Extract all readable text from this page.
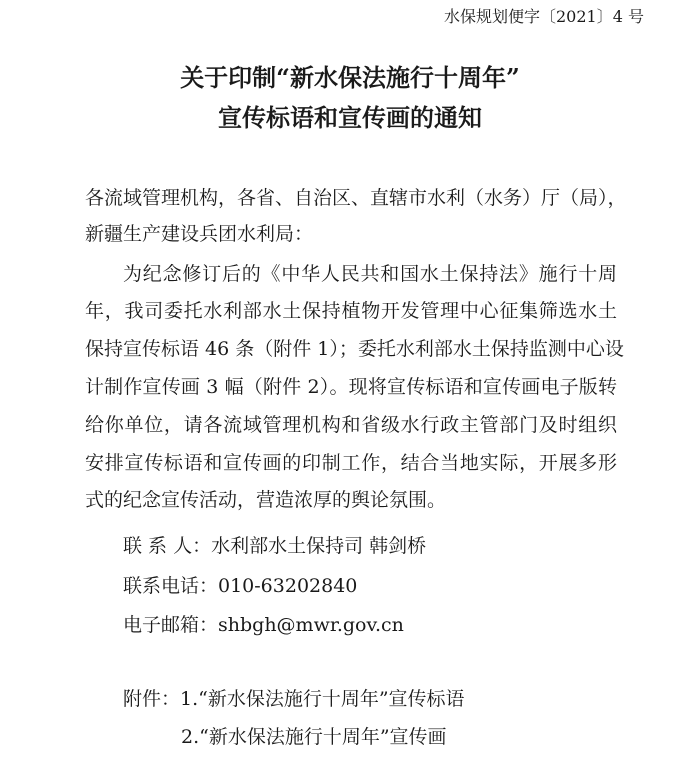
水保规划便字〔2021〕4 号
关于印制“新水保法施行十周年”
宣传标语和宣传画的通知
各流域管理机构，各省、自治区、直辖市水利（水务）厅（局），
新疆生产建设兵团水利局：
为纪念修订后的《中华人民共和国水土保持法》施行十周
年，我司委托水利部水土保持植物开发管理中心征集筛选水土
保持宣传标语 46 条（附件 1）；委托水利部水土保持监测中心设
计制作宣传画 3 幅（附件 2）。现将宣传标语和宣传画电子版转
给你单位，请各流域管理机构和省级水行政主管部门及时组织
安排宣传标语和宣传画的印制工作，结合当地实际，开展多形
式的纪念宣传活动，营造浓厚的舆论氛围。
联 系 人：水利部水土保持司 韩剑桥
联系电话：010-63202840
电子邮箱：shbgh@mwr.gov.cn
附件：1.“新水保法施行十周年”宣传标语
2.“新水保法施行十周年”宣传画
